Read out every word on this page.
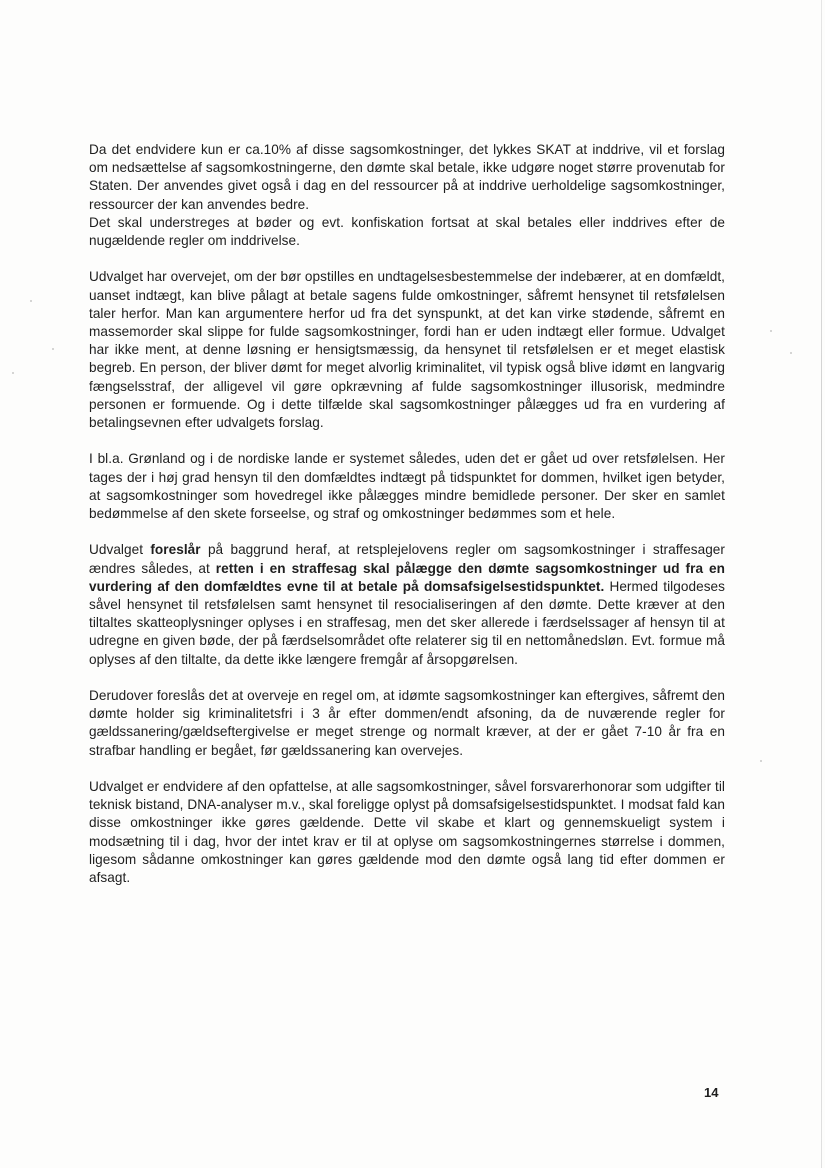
Da det endvidere kun er ca.10% af disse sagsomkostninger, det lykkes SKAT at inddrive, vil et forslag om nedsættelse af sagsomkostningerne, den dømte skal betale, ikke udgøre noget større provenutab for Staten. Der anvendes givet også i dag en del ressourcer på at inddrive uerholdelige sagsomkostninger, ressourcer der kan anvendes bedre.

Det skal understreges at bøder og evt. konfiskation fortsat at skal betales eller inddrives efter de nugældende regler om inddrivelse.

Udvalget har overvejet, om der bør opstilles en undtagelsesbestemmelse der indebærer, at en domfældt, uanset indtægt, kan blive pålagt at betale sagens fulde omkostninger, såfremt hensynet til retsfølelsen taler herfor. Man kan argumentere herfor ud fra det synspunkt, at det kan virke stødende, såfremt en massemorder skal slippe for fulde sagsomkostninger, fordi han er uden indtægt eller formue. Udvalget har ikke ment, at denne løsning er hensigtsmæssig, da hensynet til retsfølelsen er et meget elastisk begreb. En person, der bliver dømt for meget alvorlig kriminalitet, vil typisk også blive idømt en langvarig fængselsstraf, der alligevel vil gøre opkrævning af fulde sagsomkostninger illusorisk, medmindre personen er formuende. Og i dette tilfælde skal sagsomkostninger pålægges ud fra en vurdering af betalingsevnen efter udvalgets forslag.

I bl.a. Grønland og i de nordiske lande er systemet således, uden det er gået ud over retsfølelsen. Her tages der i høj grad hensyn til den domfældtes indtægt på tidspunktet for dommen, hvilket igen betyder, at sagsomkostninger som hovedregel ikke pålægges mindre bemidlede personer. Der sker en samlet bedømmelse af den skete forseelse, og straf og omkostninger bedømmes som et hele.

Udvalget foreslår på baggrund heraf, at retsplejelovens regler om sagsomkostninger i straffesager ændres således, at retten i en straffesag skal pålægge den dømte sagsomkostninger ud fra en vurdering af den domfældtes evne til at betale på domsafsigelsestidspunktet. Hermed tilgodeses såvel hensynet til retsfølelsen samt hensynet til resocialiseringen af den dømte. Dette kræver at den tiltaltes skatteoplysninger oplyses i en straffesag, men det sker allerede i færdselssager af hensyn til at udregne en given bøde, der på færdselsområdet ofte relaterer sig til en nettomånedsløn. Evt. formue må oplyses af den tiltalte, da dette ikke længere fremgår af årsopgørelsen.

Derudover foreslås det at overveje en regel om, at idømte sagsomkostninger kan eftergives, såfremt den dømte holder sig kriminalitetsfri i 3 år efter dommen/endt afsoning, da de nuværende regler for gældssanering/gældseftergivelse er meget strenge og normalt kræver, at der er gået 7-10 år fra en strafbar handling er begået, før gældssanering kan overvejes.

Udvalget er endvidere af den opfattelse, at alle sagsomkostninger, såvel forsvarerhonorar som udgifter til teknisk bistand, DNA-analyser m.v., skal foreligge oplyst på domsafsigelsestidspunktet. I modsat fald kan disse omkostninger ikke gøres gældende. Dette vil skabe et klart og gennemskueligt system i modsætning til i dag, hvor der intet krav er til at oplyse om sagsomkostningernes størrelse i dommen, ligesom sådanne omkostninger kan gøres gældende mod den dømte også lang tid efter dommen er afsagt.

14
